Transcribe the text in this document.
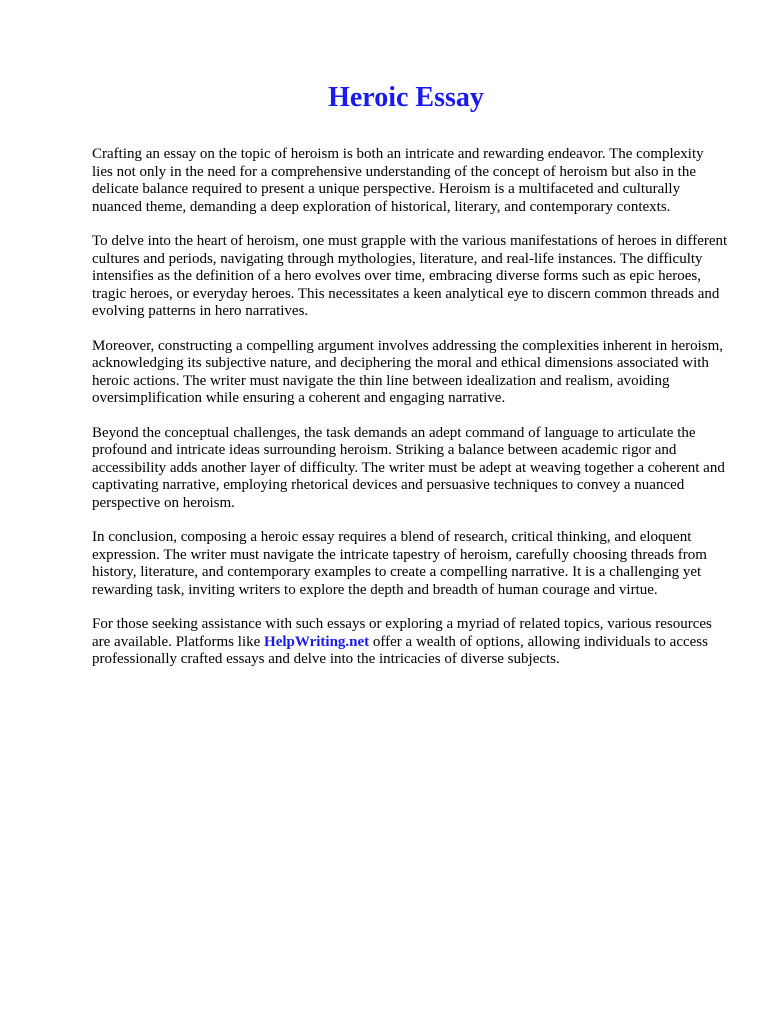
Heroic Essay

Crafting an essay on the topic of heroism is both an intricate and rewarding endeavor. The complexity lies not only in the need for a comprehensive understanding of the concept of heroism but also in the delicate balance required to present a unique perspective. Heroism is a multifaceted and culturally nuanced theme, demanding a deep exploration of historical, literary, and contemporary contexts.

To delve into the heart of heroism, one must grapple with the various manifestations of heroes in different cultures and periods, navigating through mythologies, literature, and real-life instances. The difficulty intensifies as the definition of a hero evolves over time, embracing diverse forms such as epic heroes, tragic heroes, or everyday heroes. This necessitates a keen analytical eye to discern common threads and evolving patterns in hero narratives.

Moreover, constructing a compelling argument involves addressing the complexities inherent in heroism, acknowledging its subjective nature, and deciphering the moral and ethical dimensions associated with heroic actions. The writer must navigate the thin line between idealization and realism, avoiding oversimplification while ensuring a coherent and engaging narrative.

Beyond the conceptual challenges, the task demands an adept command of language to articulate the profound and intricate ideas surrounding heroism. Striking a balance between academic rigor and accessibility adds another layer of difficulty. The writer must be adept at weaving together a coherent and captivating narrative, employing rhetorical devices and persuasive techniques to convey a nuanced perspective on heroism.

In conclusion, composing a heroic essay requires a blend of research, critical thinking, and eloquent expression. The writer must navigate the intricate tapestry of heroism, carefully choosing threads from history, literature, and contemporary examples to create a compelling narrative. It is a challenging yet rewarding task, inviting writers to explore the depth and breadth of human courage and virtue.

For those seeking assistance with such essays or exploring a myriad of related topics, various resources are available. Platforms like HelpWriting.net offer a wealth of options, allowing individuals to access professionally crafted essays and delve into the intricacies of diverse subjects.
